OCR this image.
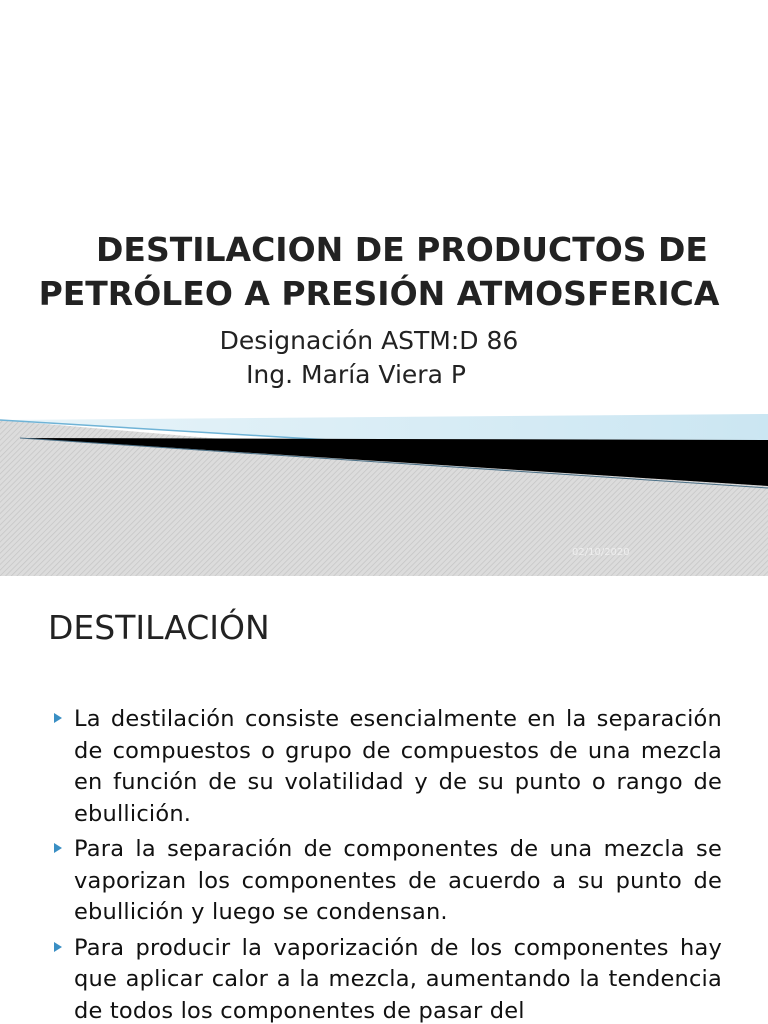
DESTILACION DE PRODUCTOS DE
PETRÓLEO A PRESIÓN ATMOSFERICA
Designación ASTM:D 86
Ing. María Viera P
02/10/2020
DESTILACIÓN
La destilación consiste esencialmente en la separación de compuestos o grupo de compuestos de una mezcla en función de su volatilidad y de su punto o rango de ebullición.
Para la separación de componentes de una mezcla se vaporizan los componentes de acuerdo a su punto de ebullición y luego se condensan.
Para producir la vaporización de los componentes hay que aplicar calor a la mezcla, aumentando la tendencia de todos los componentes de pasar del
